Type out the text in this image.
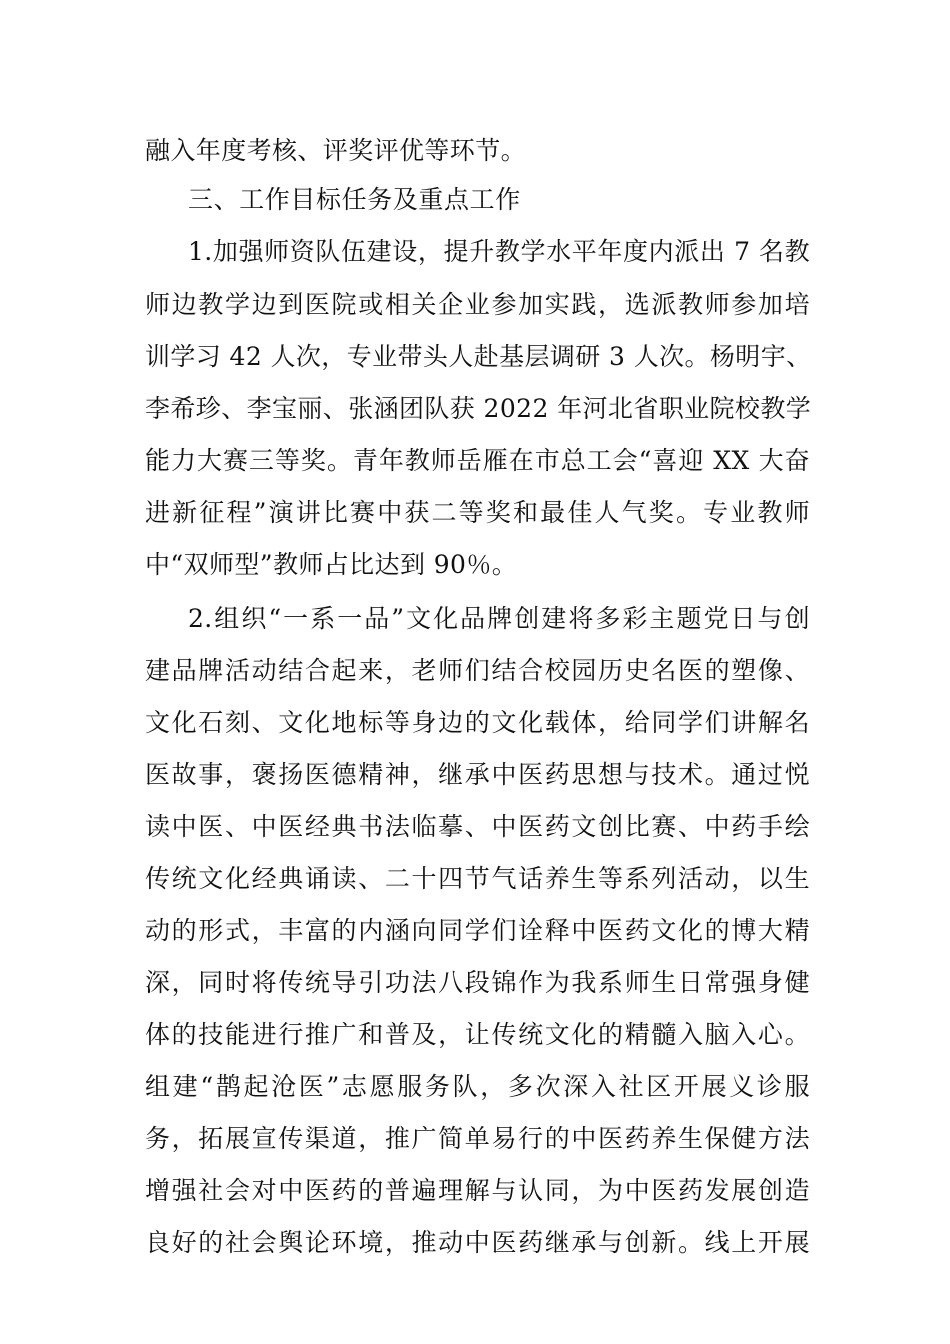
融入年度考核、评奖评优等环节。
三、工作目标任务及重点工作
1.加强师资队伍建设，提升教学水平年度内派出 7 名教
师边教学边到医院或相关企业参加实践，选派教师参加培
训学习 42 人次，专业带头人赴基层调研 3 人次。杨明宇、
李希珍、李宝丽、张涵团队获 2022 年河北省职业院校教学
能力大赛三等奖。青年教师岳雁在市总工会“喜迎 XX 大奋
进新征程”演讲比赛中获二等奖和最佳人气奖。专业教师
中“双师型”教师占比达到 90％。
2.组织“一系一品”文化品牌创建将多彩主题党日与创
建品牌活动结合起来，老师们结合校园历史名医的塑像、
文化石刻、文化地标等身边的文化载体，给同学们讲解名
医故事，褒扬医德精神，继承中医药思想与技术。通过悦
读中医、中医经典书法临摹、中医药文创比赛、中药手绘
传统文化经典诵读、二十四节气话养生等系列活动，以生
动的形式，丰富的内涵向同学们诠释中医药文化的博大精
深，同时将传统导引功法八段锦作为我系师生日常强身健
体的技能进行推广和普及，让传统文化的精髓入脑入心。
组建“鹊起沧医”志愿服务队，多次深入社区开展义诊服
务，拓展宣传渠道，推广简单易行的中医药养生保健方法
增强社会对中医药的普遍理解与认同，为中医药发展创造
良好的社会舆论环境，推动中医药继承与创新。线上开展
